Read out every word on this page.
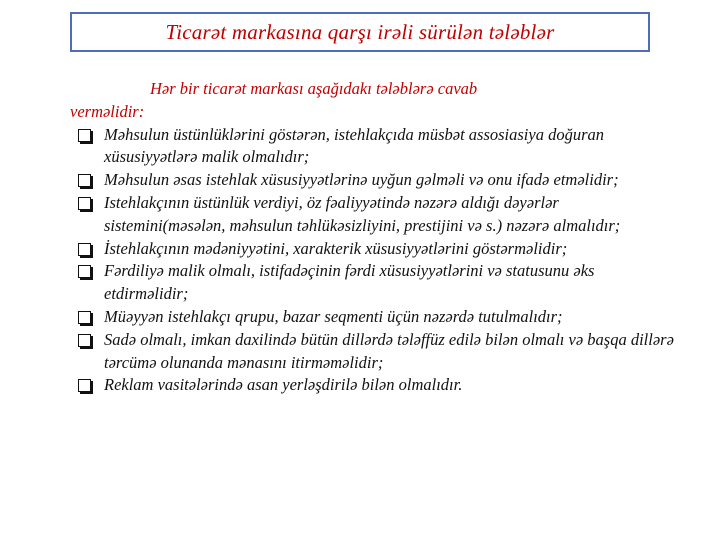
Ticarət markasına qarşı irəli sürülən tələblər

Hər bir ticarət markası aşağıdakı tələblərə cavab
verməlidir:

Məhsulun üstünlüklərini göstərən, istehlakçıda müsbət assosiasiya doğuran xüsusiyyətlərə malik olmalıdır;
Məhsulun əsas istehlak xüsusiyyətlərinə uyğun gəlməli və onu ifadə etməlidir;
Istehlakçının üstünlük verdiyi, öz fəaliyyətində nəzərə aldığı dəyərlər sistemini(məsələn, məhsulun təhlükəsizliyini, prestijini və s.) nəzərə almalıdır;
İstehlakçının mədəniyyətini, xarakterik xüsusiyyətlərini göstərməlidir;
Fərdiliyə malik olmalı, istifadəçinin fərdi xüsusiyyətlərini və statusunu əks etdirməlidir;
Müəyyən istehlakçı qrupu, bazar seqmenti üçün nəzərdə tutulmalıdır;
Sadə olmalı, imkan daxilində bütün dillərdə tələffüz edilə bilən olmalı və başqa dillərə tərcümə olunanda mənasını itirməməlidir;
Reklam vasitələrində asan yerləşdirilə bilən olmalıdır.
